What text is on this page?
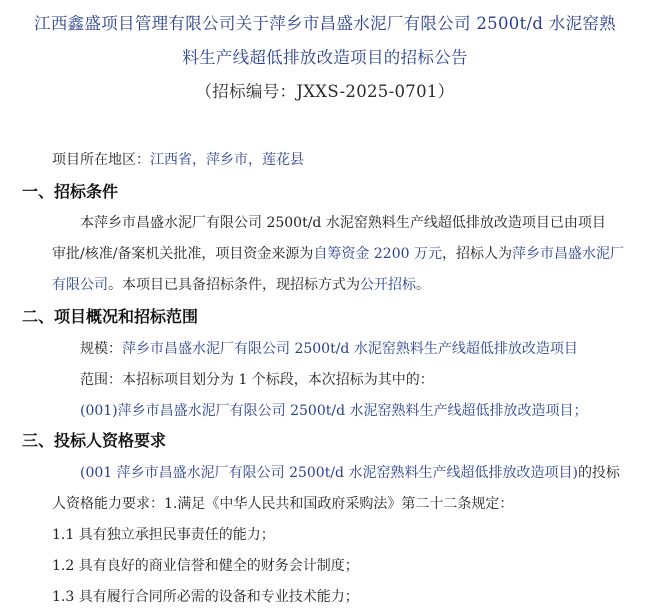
江西鑫盛项目管理有限公司关于萍乡市昌盛水泥厂有限公司 2500t/d 水泥窑熟
料生产线超低排放改造项目的招标公告
（招标编号：JXXS-2025-0701）
项目所在地区：江西省，萍乡市，莲花县
一、招标条件
本萍乡市昌盛水泥厂有限公司 2500t/d 水泥窑熟料生产线超低排放改造项目已由项目
审批/核准/备案机关批准，项目资金来源为自筹资金 2200 万元，招标人为萍乡市昌盛水泥厂
有限公司。本项目已具备招标条件，现招标方式为公开招标。
二、项目概况和招标范围
规模：萍乡市昌盛水泥厂有限公司 2500t/d 水泥窑熟料生产线超低排放改造项目
范围：本招标项目划分为 1 个标段，本次招标为其中的：
(001)萍乡市昌盛水泥厂有限公司 2500t/d 水泥窑熟料生产线超低排放改造项目；
三、投标人资格要求
(001 萍乡市昌盛水泥厂有限公司 2500t/d 水泥窑熟料生产线超低排放改造项目)的投标
人资格能力要求：1.满足《中华人民共和国政府采购法》第二十二条规定：
1.1 具有独立承担民事责任的能力；
1.2 具有良好的商业信誉和健全的财务会计制度；
1.3 具有履行合同所必需的设备和专业技术能力；
